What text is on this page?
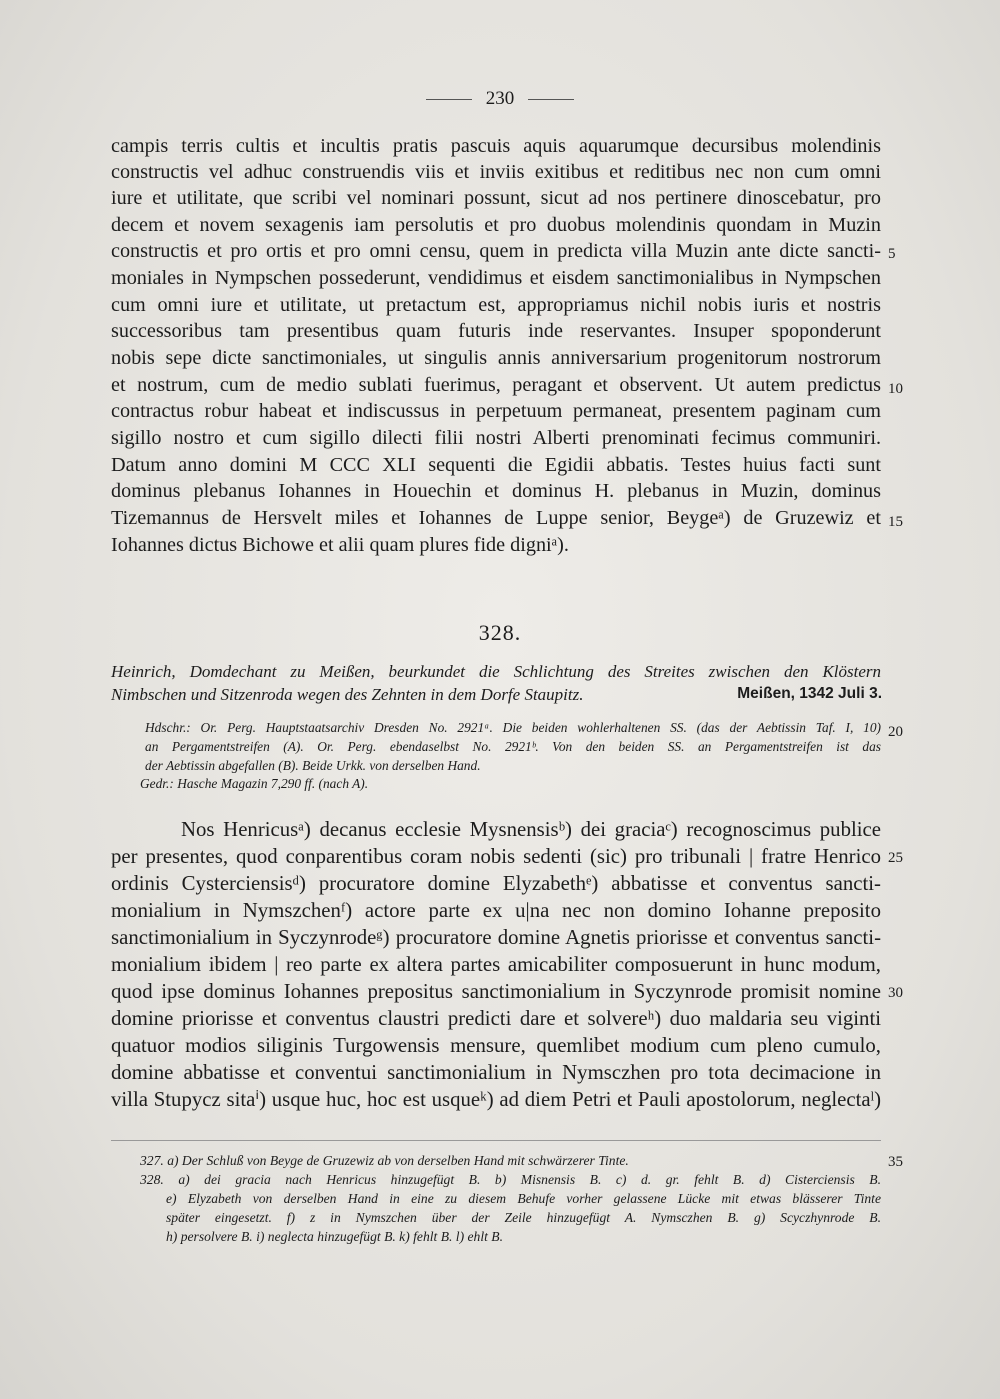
230
campis terris cultis et incultis pratis pascuis aquis aquarumque decursibus molendinis
constructis vel adhuc construendis viis et inviis exitibus et reditibus nec non cum omni
iure et utilitate, que scribi vel nominari possunt, sicut ad nos pertinere dinoscebatur, pro
decem et novem sexagenis iam persolutis et pro duobus molendinis quondam in Muzin
constructis et pro ortis et pro omni censu, quem in predicta villa Muzin ante dicte sancti-
moniales in Nympschen possederunt, vendidimus et eisdem sanctimonialibus in Nympschen
cum omni iure et utilitate, ut pretactum est, appropriamus nichil nobis iuris et nostris
successoribus tam presentibus quam futuris inde reservantes. Insuper spoponderunt
nobis sepe dicte sanctimoniales, ut singulis annis anniversarium progenitorum nostrorum
et nostrum, cum de medio sublati fuerimus, peragant et observent. Ut autem predictus
contractus robur habeat et indiscussus in perpetuum permaneat, presentem paginam cum
sigillo nostro et cum sigillo dilecti filii nostri Alberti prenominati fecimus communiri.
Datum anno domini M CCC XLI sequenti die Egidii abbatis. Testes huius facti sunt
dominus plebanus Iohannes in Houechin et dominus H. plebanus in Muzin, dominus
Tizemannus de Hersvelt miles et Iohannes de Luppe senior, Beygeᵃ) de Gruzewiz et
Iohannes dictus Bichowe et alii quam plures fide digniᵃ).
5
10
15
328.
Heinrich, Domdechant zu Meißen, beurkundet die Schlichtung des Streites zwischen den Klöstern
Nimbschen und Sitzenroda wegen des Zehnten in dem Dorfe Staupitz.	Meißen, 1342 Juli 3.
Hdschr.: Or. Perg. Hauptstaatsarchiv Dresden No. 2921ᵃ. Die beiden wohlerhaltenen SS. (das der Aebtissin Taf. I, 10)
an Pergamentstreifen (A). Or. Perg. ebendaselbst No. 2921ᵇ. Von den beiden SS. an Pergamentstreifen ist das
der Aebtissin abgefallen (B). Beide Urkk. von derselben Hand.
Gedr.: Hasche Magazin 7,290 ff. (nach A).
20
Nos Henricusᵃ) decanus ecclesie Mysnensisᵇ) dei graciaᶜ) recognoscimus publice
per presentes, quod conparentibus coram nobis sedenti (sic) pro tribunali | fratre Henrico
ordinis Cysterciensisᵈ) procuratore domine Elyzabethᵉ) abbatisse et conventus sancti-
monialium in Nymszchenᶠ) actore parte ex u|na nec non domino Iohanne preposito
sanctimonialium in Syczynrodeᵍ) procuratore domine Agnetis priorisse et conventus sancti-
monialium ibidem | reo parte ex altera partes amicabiliter composuerunt in hunc modum,
quod ipse dominus Iohannes prepositus sanctimonialium in Syczynrode promisit nomine
domine priorisse et conventus claustri predicti dare et solvereʰ) duo maldaria seu viginti
quatuor modios siliginis Turgowensis mensure, quemlibet modium cum pleno cumulo,
domine abbatisse et conventui sanctimonialium in Nymsczhen pro tota decimacione in
villa Stupycz sitaⁱ) usque huc, hoc est usqueᵏ) ad diem Petri et Pauli apostolorum, neglectaˡ)
25
30
327. a) Der Schluß von Beyge de Gruzewiz ab von derselben Hand mit schwärzerer Tinte.
328. a) dei gracia nach Henricus hinzugefügt B. b) Misnensis B. c) d. gr. fehlt B. d) Cisterciensis B.
e) Elyzabeth von derselben Hand in eine zu diesem Behufe vorher gelassene Lücke mit etwas blässerer Tinte
später eingesetzt. f) z in Nymszchen über der Zeile hinzugefügt A. Nymsczhen B. g) Scyczhynrode B.
h) persolvere B. i) neglecta hinzugefügt B. k) fehlt B. l) ehlt B.
35
